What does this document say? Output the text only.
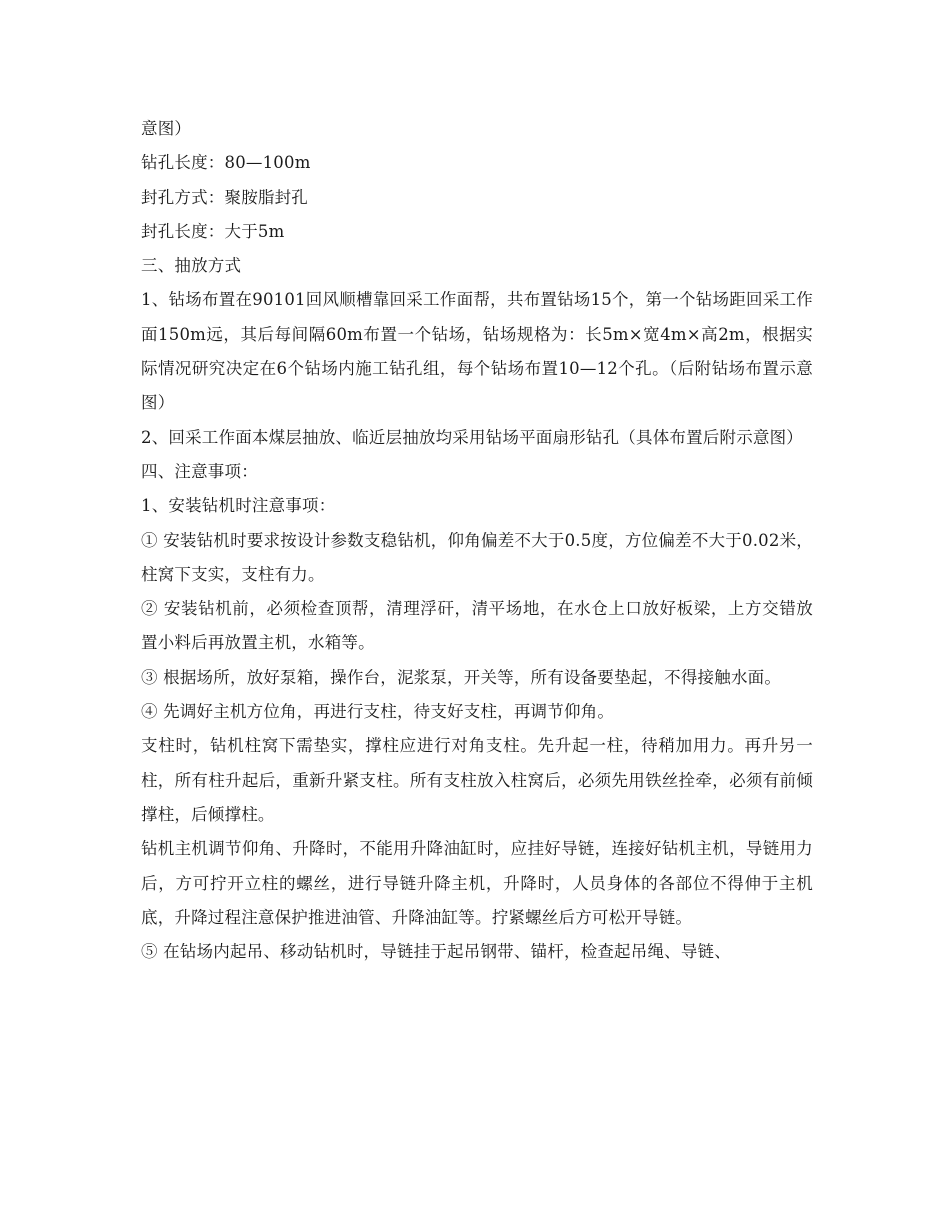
意图）

钻孔长度：80—100m

封孔方式：聚胺脂封孔

封孔长度：大于5m

三、抽放方式

1、钻场布置在90101回风顺槽靠回采工作面帮，共布置钻场15个，第一个钻场距回采工作面150m远，其后每间隔60m布置一个钻场，钻场规格为：长5m×宽4m×高2m，根据实际情况研究决定在6个钻场内施工钻孔组，每个钻场布置10—12个孔。（后附钻场布置示意图）

2、回采工作面本煤层抽放、临近层抽放均采用钻场平面扇形钻孔（具体布置后附示意图）

四、注意事项：

1、安装钻机时注意事项：

① 安装钻机时要求按设计参数支稳钻机，仰角偏差不大于0.5度，方位偏差不大于0.02米，柱窝下支实，支柱有力。

② 安装钻机前，必须检查顶帮，清理浮矸，清平场地，在水仓上口放好板梁，上方交错放置小料后再放置主机，水箱等。

③ 根据场所，放好泵箱，操作台，泥浆泵，开关等，所有设备要垫起，不得接触水面。

④ 先调好主机方位角，再进行支柱，待支好支柱，再调节仰角。

支柱时，钻机柱窝下需垫实，撑柱应进行对角支柱。先升起一柱，待稍加用力。再升另一柱，所有柱升起后，重新升紧支柱。所有支柱放入柱窝后，必须先用铁丝拴牵，必须有前倾撑柱，后倾撑柱。

钻机主机调节仰角、升降时，不能用升降油缸时，应挂好导链，连接好钻机主机，导链用力后，方可拧开立柱的螺丝，进行导链升降主机，升降时，人员身体的各部位不得伸于主机底，升降过程注意保护推进油管、升降油缸等。拧紧螺丝后方可松开导链。

⑤ 在钻场内起吊、移动钻机时，导链挂于起吊钢带、锚杆，检查起吊绳、导链、
